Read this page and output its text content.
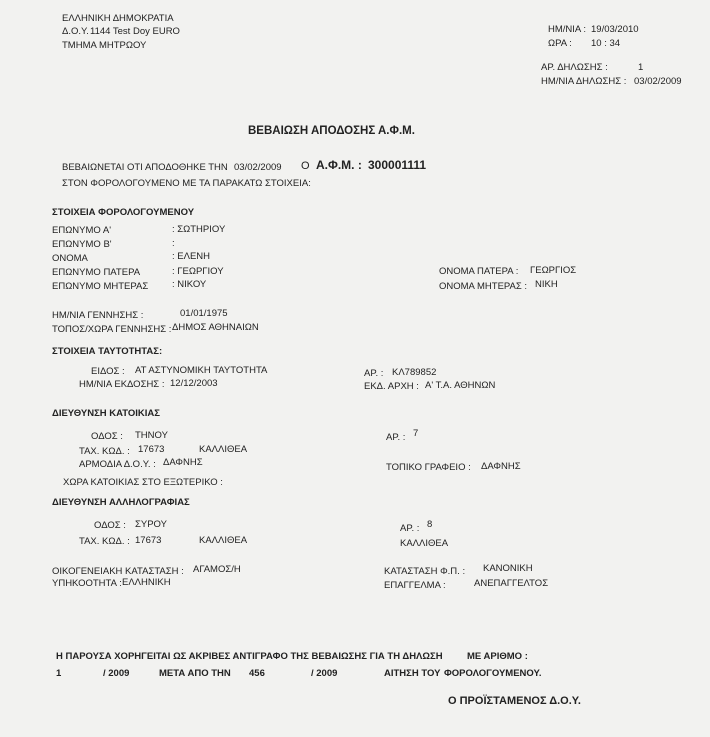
ΕΛΛΗΝΙΚΗ ΔΗΜΟΚΡΑΤΙΑ
Δ.Ο.Υ. 1144 Test Doy EURO
ΤΜΗΜΑ ΜΗΤΡΩΟΥ
ΗΜ/ΝΙΑ : 19/03/2010
ΩΡΑ : 10 : 34
ΑΡ. ΔΗΛΩΣΗΣ :	1
ΗΜ/ΝΙΑ ΔΗΛΩΣΗΣ : 03/02/2009
ΒΕΒΑΙΩΣΗ ΑΠΟΔΟΣΗΣ Α.Φ.Μ.
ΒΕΒΑΙΩΝΕΤΑΙ ΟΤΙ ΑΠΟΔΟΘΗΚΕ ΤΗΝ 03/02/2009 Ο Α.Φ.Μ. : 300001111
ΣΤΟΝ ΦΟΡΟΛΟΓΟΥΜΕΝΟ ΜΕ ΤΑ ΠΑΡΑΚΑΤΩ ΣΤΟΙΧΕΙΑ:
ΣΤΟΙΧΕΙΑ ΦΟΡΟΛΟΓΟΥΜΕΝΟΥ
ΕΠΩΝΥΜΟ Α'	: ΣΩΤΗΡΙΟΥ
ΕΠΩΝΥΜΟ Β'	:
ΟΝΟΜΑ	: ΕΛΕΝΗ
ΕΠΩΝΥΜΟ ΠΑΤΕΡΑ	: ΓΕΩΡΓΙΟΥ
ΕΠΩΝΥΜΟ ΜΗΤΕΡΑΣ	: ΝΙΚΟΥ
ΟΝΟΜΑ ΠΑΤΕΡΑ : ΓΕΩΡΓΙΟΣ
ΟΝΟΜΑ ΜΗΤΕΡΑΣ : ΝΙΚΗ
ΗΜ/ΝΙΑ ΓΕΝΝΗΣΗΣ :	01/01/1975
ΤΟΠΟΣ/ΧΩΡΑ ΓΕΝΝΗΣΗΣ : ΔΗΜΟΣ ΑΘΗΝΑΙΩΝ
ΣΤΟΙΧΕΙΑ ΤΑΥΤΟΤΗΤΑΣ:
ΕΙΔΟΣ : ΑΤ ΑΣΤΥΝΟΜΙΚΗ ΤΑΥΤΟΤΗΤΑ
ΗΜ/ΝΙΑ ΕΚΔΟΣΗΣ : 12/12/2003
ΑΡ. : ΚΛ789852
ΕΚΔ. ΑΡΧΗ : Α' Τ.Α. ΑΘΗΝΩΝ
ΔΙΕΥΘΥΝΣΗ ΚΑΤΟΙΚΙΑΣ
ΟΔΟΣ : ΤΗΝΟΥ
ΤΑΧ. ΚΩΔ. : 17673	ΚΑΛΛΙΘΕΑ
ΑΡΜΟΔΙΑ Δ.Ο.Υ. : ΔΑΦΝΗΣ
ΑΡ. : 7
ΤΟΠΙΚΟ ΓΡΑΦΕΙΟ : ΔΑΦΝΗΣ
ΧΩΡΑ ΚΑΤΟΙΚΙΑΣ ΣΤΟ ΕΞΩΤΕΡΙΚΟ :
ΔΙΕΥΘΥΝΣΗ ΑΛΛΗΛΟΓΡΑΦΙΑΣ
ΟΔΟΣ : ΣΥΡΟΥ
ΤΑΧ. ΚΩΔ. : 17673	ΚΑΛΛΙΘΕΑ
ΑΡ. : 8
ΚΑΛΛΙΘΕΑ
ΟΙΚΟΓΕΝΕΙΑΚΗ ΚΑΤΑΣΤΑΣΗ : ΑΓΑΜΟΣ/Η
ΥΠΗΚΟΟΤΗΤΑ : ΕΛΛΗΝΙΚΗ
ΚΑΤΑΣΤΑΣΗ Φ.Π. : ΚΑΝΟΝΙΚΗ
ΕΠΑΓΓΕΛΜΑ :	ΑΝΕΠΑΓΓΕΛΤΟΣ
Η ΠΑΡΟΥΣΑ ΧΟΡΗΓΕΙΤΑΙ ΩΣ ΑΚΡΙΒΕΣ ΑΝΤΙΓΡΑΦΟ ΤΗΣ ΒΕΒΑΙΩΣΗΣ ΓΙΑ ΤΗ ΔΗΛΩΣΗ	ΜΕ ΑΡΙΘΜΟ :
1	/ 2009	ΜΕΤΑ ΑΠΟ ΤΗΝ 456	/ 2009	ΑΙΤΗΣΗ ΤΟΥ ΦΟΡΟΛΟΓΟΥΜΕΝΟΥ.
Ο ΠΡΟΪΣΤΑΜΕΝΟΣ Δ.Ο.Υ.
